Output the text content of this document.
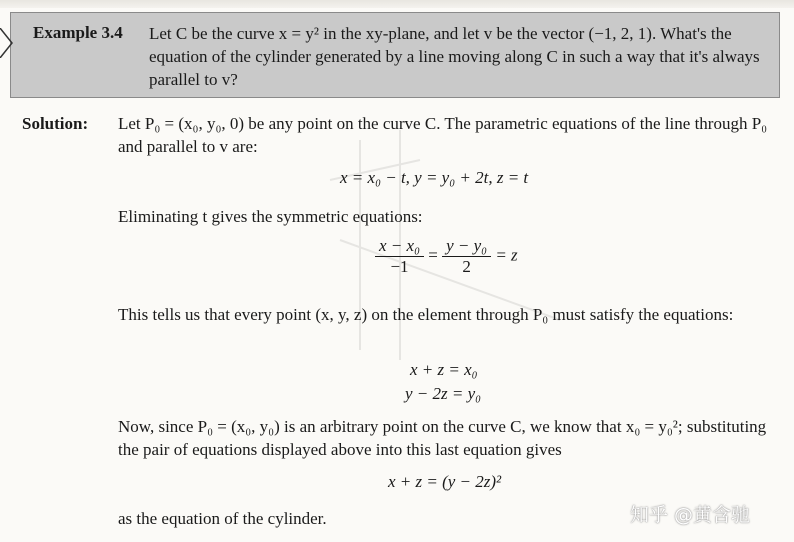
Example 3.4 Let C be the curve x = y² in the xy-plane, and let v be the vector (−1, 2, 1). What's the equation of the cylinder generated by a line moving along C in such a way that it's always parallel to v?
Solution: Let P₀ = (x₀, y₀, 0) be any point on the curve C. The parametric equations of the line through P₀ and parallel to v are:
x = x₀ − t, y = y₀ + 2t, z = t
Eliminating t gives the symmetric equations:
$\frac{\text{x − x₀}}{-1} = \frac{\text{y − y₀}}{2} = z$
This tells us that every point (x, y, z) on the element through P₀ must satisfy the equations:
x + z = x₀
y − 2z = y₀
Now, since P₀ = (x₀, y₀) is an arbitrary point on the curve C, we know that x₀ = y₀²; substituting the pair of equations displayed above into this last equation gives
x + z = (y − 2z)²
as the equation of the cylinder.	知乎 @黄含驰
